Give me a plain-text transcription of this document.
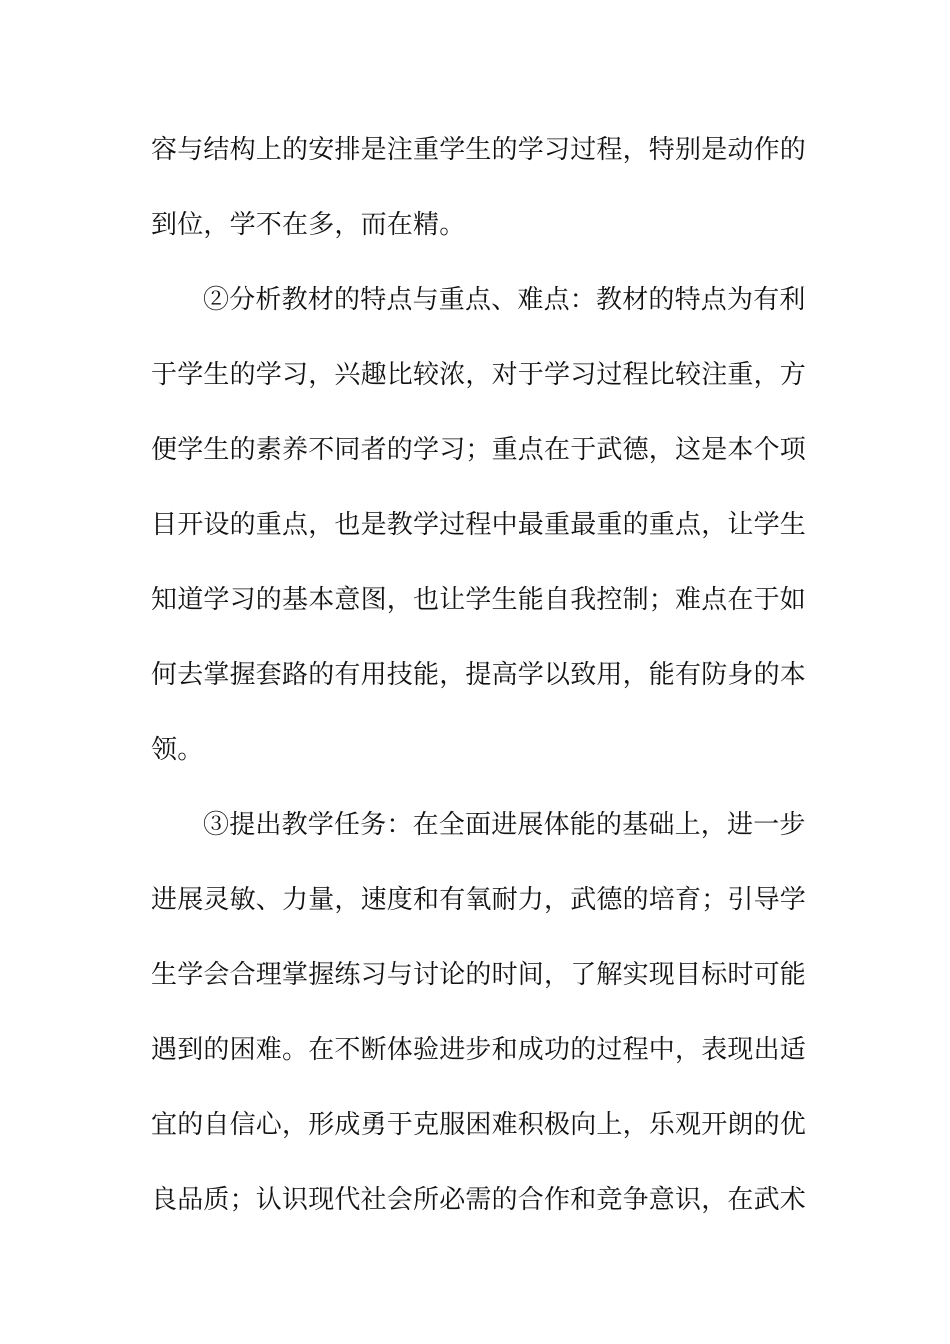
容与结构上的安排是注重学生的学习过程，特别是动作的
到位，学不在多，而在精。
②分析教材的特点与重点、难点：教材的特点为有利
于学生的学习，兴趣比较浓，对于学习过程比较注重，方
便学生的素养不同者的学习；重点在于武德，这是本个项
目开设的重点，也是教学过程中最重最重的重点，让学生
知道学习的基本意图，也让学生能自我控制；难点在于如
何去掌握套路的有用技能，提高学以致用，能有防身的本
领。
③提出教学任务：在全面进展体能的基础上，进一步
进展灵敏、力量，速度和有氧耐力，武德的培育；引导学
生学会合理掌握练习与讨论的时间，了解实现目标时可能
遇到的困难。在不断体验进步和成功的过程中，表现出适
宜的自信心，形成勇于克服困难积极向上，乐观开朗的优
良品质；认识现代社会所必需的合作和竞争意识，在武术
